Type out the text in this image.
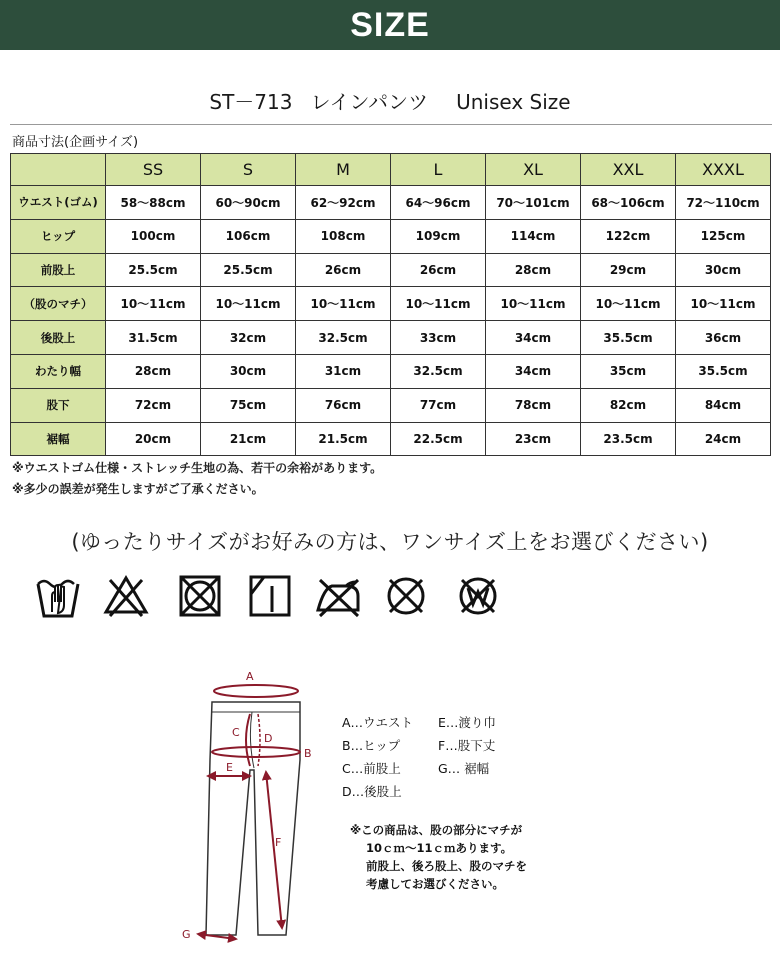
SIZE
ST－713 レインパンツ Unisex Size
商品寸法(企画サイズ)
	SS	S	M	L	XL	XXL	XXXL
ウエスト(ゴム)	58～88cm	60～90cm	62～92cm	64～96cm	70～101cm	68～106cm	72～110cm
ヒップ	100cm	106cm	108cm	109cm	114cm	122cm	125cm
前股上	25.5cm	25.5cm	26cm	26cm	28cm	29cm	30cm
（股のマチ）	10～11cm	10～11cm	10～11cm	10～11cm	10～11cm	10～11cm	10～11cm
後股上	31.5cm	32cm	32.5cm	33cm	34cm	35.5cm	36cm
わたり幅	28cm	30cm	31cm	32.5cm	34cm	35cm	35.5cm
股下	72cm	75cm	76cm	77cm	78cm	82cm	84cm
裾幅	20cm	21cm	21.5cm	22.5cm	23cm	23.5cm	24cm
※ウエストゴム仕様・ストレッチ生地の為、若干の余裕があります。
※多少の誤差が発生しますがご了承ください。
(ゆったりサイズがお好みの方は、ワンサイズ上をお選びください)
A
B
C D
E
F
G
A…ウエスト	E…渡り巾
B…ヒップ	F…股下丈
C…前股上	G… 裾幅
D…後股上
※この商品は、股の部分にマチが
10ｃｍ～11ｃｍあります。
前股上、後ろ股上、股のマチを
考慮してお選びください。
